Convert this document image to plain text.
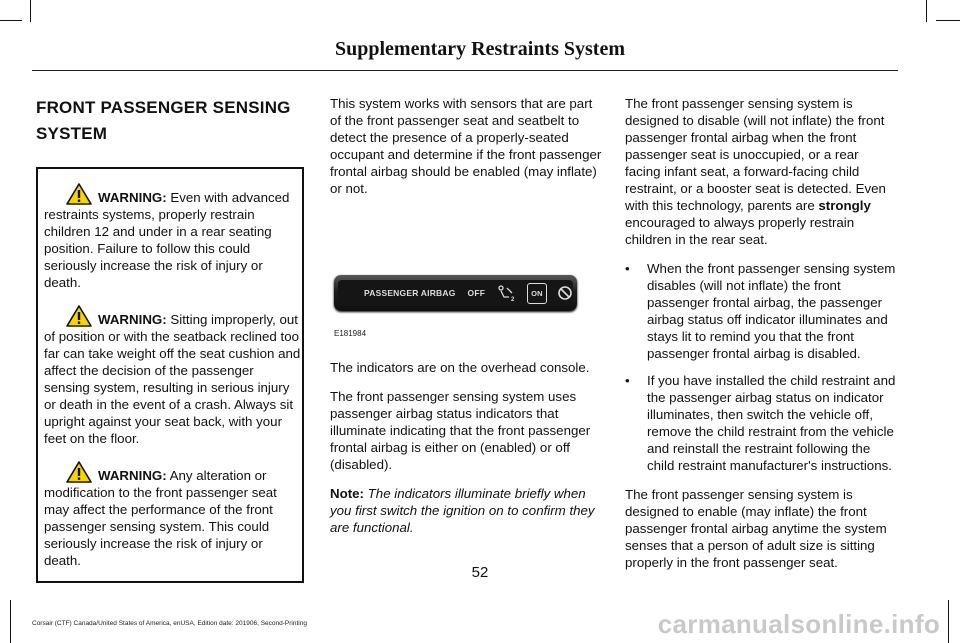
Supplementary Restraints System
FRONT PASSENGER SENSING SYSTEM

WARNING: Even with advanced restraints systems, properly restrain children 12 and under in a rear seating position. Failure to follow this could seriously increase the risk of injury or death.

WARNING: Sitting improperly, out of position or with the seatback reclined too far can take weight off the seat cushion and affect the decision of the passenger sensing system, resulting in serious injury or death in the event of a crash. Always sit upright against your seat back, with your feet on the floor.

WARNING: Any alteration or modification to the front passenger seat may affect the performance of the front passenger sensing system. This could seriously increase the risk of injury or death.

This system works with sensors that are part of the front passenger seat and seatbelt to detect the presence of a properly-seated occupant and determine if the front passenger frontal airbag should be enabled (may inflate) or not.

PASSENGER AIRBAG OFF
2
ON
E181984

The indicators are on the overhead console.

The front passenger sensing system uses passenger airbag status indicators that illuminate indicating that the front passenger frontal airbag is either on (enabled) or off (disabled).

Note: The indicators illuminate briefly when you first switch the ignition on to confirm they are functional.

The front passenger sensing system is designed to disable (will not inflate) the front passenger frontal airbag when the front passenger seat is unoccupied, or a rear facing infant seat, a forward-facing child restraint, or a booster seat is detected. Even with this technology, parents are strongly encouraged to always properly restrain children in the rear seat.

• When the front passenger sensing system disables (will not inflate) the front passenger frontal airbag, the passenger airbag status off indicator illuminates and stays lit to remind you that the front passenger frontal airbag is disabled.
• If you have installed the child restraint and the passenger airbag status on indicator illuminates, then switch the vehicle off, remove the child restraint from the vehicle and reinstall the restraint following the child restraint manufacturer's instructions.

The front passenger sensing system is designed to enable (may inflate) the front passenger frontal airbag anytime the system senses that a person of adult size is sitting properly in the front passenger seat.

52
Corsair (CTF) Canada/United States of America, enUSA, Edition date: 201906, Second-Printing	carmanualsonline.info
